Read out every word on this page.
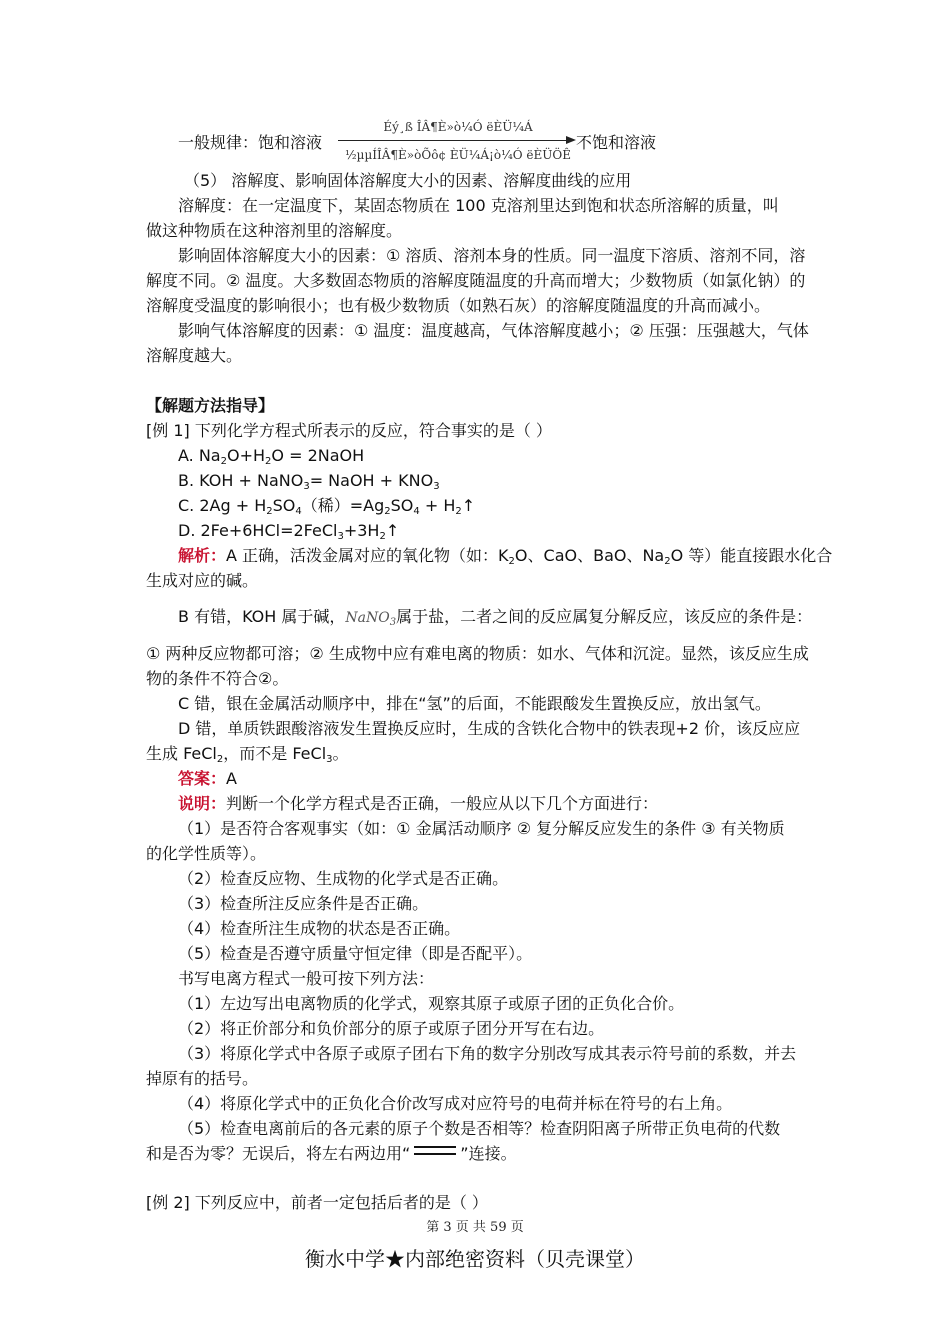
一般规律：饱和溶液
Éý¸ß ÎÂ¶È»ò¼Ó ëÈÜ¼Á
½µµÍÎÂ¶È»òÕô¢ ÈÜ¼Á¡ò¼Ó ëÈÜÖÊ
不饱和溶液
（5） 溶解度、影响固体溶解度大小的因素、溶解度曲线的应用
溶解度：在一定温度下，某固态物质在 100 克溶剂里达到饱和状态所溶解的质量，叫
做这种物质在这种溶剂里的溶解度。
影响固体溶解度大小的因素：① 溶质、溶剂本身的性质。同一温度下溶质、溶剂不同，溶
解度不同。② 温度。大多数固态物质的溶解度随温度的升高而增大；少数物质（如氯化钠）的
溶解度受温度的影响很小；也有极少数物质（如熟石灰）的溶解度随温度的升高而减小。
影响气体溶解度的因素：① 温度：温度越高，气体溶解度越小；② 压强：压强越大，气体
溶解度越大。
【解题方法指导】
[例 1] 下列化学方程式所表示的反应，符合事实的是（ ）
A. $Na_2O+H_2O$ = 2NaOH
B. KOH + NaNO$_3$= NaOH + $KNO_3$
C. $2Ag + H_2SO_4$（稀）$=Ag_2SO_4$ + $H_2↑$
D. $2Fe+6HCl=2FeCl_3+3H_2↑$
解析：A 正确，活泼金属对应的氧化物（如：$K_2O$、CaO、BaO、$Na_2O$ 等）能直接跟水化合
生成对应的碱。
B 有错，KOH 属于碱，NaNO$_3$属于盐，二者之间的反应属复分解反应，该反应的条件是：
① 两种反应物都可溶；② 生成物中应有难电离的物质：如水、气体和沉淀。显然，该反应生成
物的条件不符合②。
C 错，银在金属活动顺序中，排在“氢”的后面，不能跟酸发生置换反应，放出氢气。
D 错，单质铁跟酸溶液发生置换反应时，生成的含铁化合物中的铁表现+2 价，该反应应
生成 FeCl$_2$，而不是 FeCl$_3$。
答案：A
说明：判断一个化学方程式是否正确，一般应从以下几个方面进行：
（1）是否符合客观事实（如：① 金属活动顺序 ② 复分解反应发生的条件 ③ 有关物质
的化学性质等）。
（2）检查反应物、生成物的化学式是否正确。
（3）检查所注反应条件是否正确。
（4）检查所注生成物的状态是否正确。
（5）检查是否遵守质量守恒定律（即是否配平）。
书写电离方程式一般可按下列方法：
（1）左边写出电离物质的化学式，观察其原子或原子团的正负化合价。
（2）将正价部分和负价部分的原子或原子团分开写在右边。
（3）将原化学式中各原子或原子团右下角的数字分别改写成其表示符号前的系数，并去
掉原有的括号。
（4）将原化学式中的正负化合价改写成对应符号的电荷并标在符号的右上角。
（5）检查电离前后的各元素的原子个数是否相等？检查阴阳离子所带正负电荷的代数
和是否为零？无误后，将左右两边用“	”连接。
[例 2] 下列反应中，前者一定包括后者的是（ ）
第 3 页 共 59 页
衡水中学★内部绝密资料（贝壳课堂）
